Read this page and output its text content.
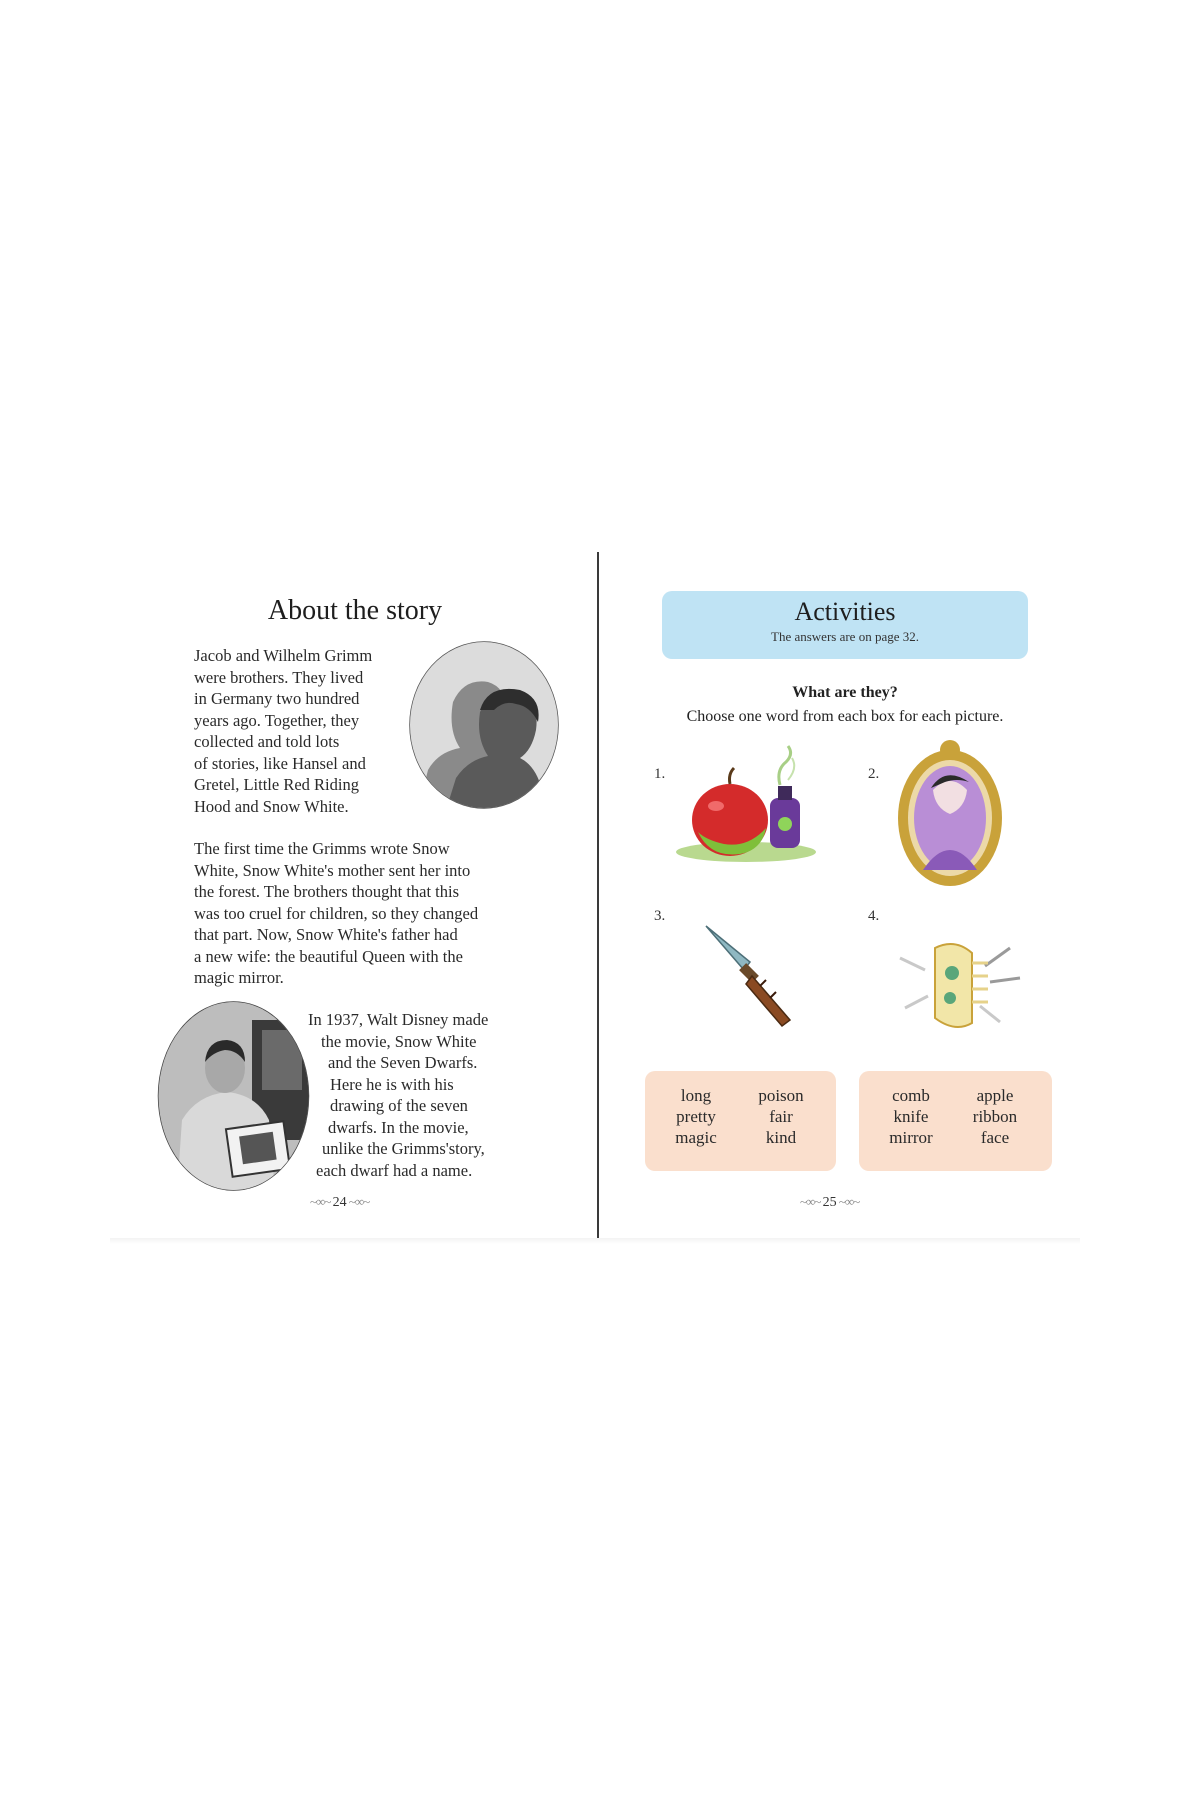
About the story
Jacob and Wilhelm Grimm
were brothers. They lived
in Germany two hundred
years ago. Together, they
collected and told lots
of stories, like Hansel and
Gretel, Little Red Riding
Hood and Snow White.
The first time the Grimms wrote Snow
White, Snow White's mother sent her into
the forest. The brothers thought that this
was too cruel for children, so they changed
that part. Now, Snow White's father had
a new wife: the beautiful Queen with the
magic mirror.
In 1937, Walt Disney made
the movie, Snow White
and the Seven Dwarfs.
Here he is with his
drawing of the seven
dwarfs. In the movie,
unlike the Grimms'story,
each dwarf had a name.
~∞~ 24 ~∞~
Activities
The answers are on page 32.
What are they?
Choose one word from each box for each picture.
1.	2.
3.	4.
long
pretty
magic
poison
fair
kind
comb
knife
mirror
apple
ribbon
face
~∞~ 25 ~∞~
